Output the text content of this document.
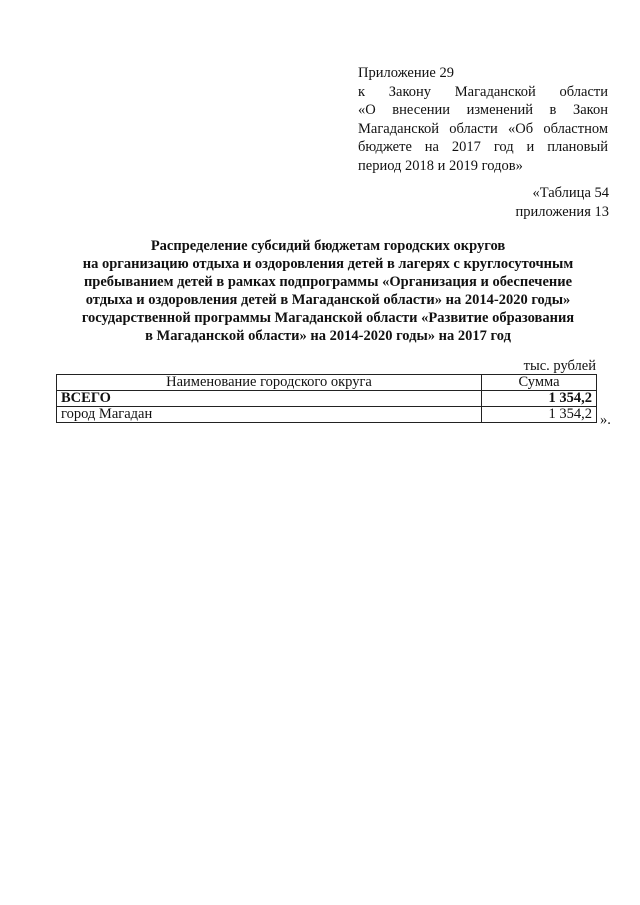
Приложение 29
к Закону Магаданской области
«О внесении изменений в Закон
Магаданской области «Об областном
бюджете на 2017 год и плановый
период 2018 и 2019 годов»
«Таблица 54
приложения 13
Распределение субсидий бюджетам городских округов
на организацию отдыха и оздоровления детей в лагерях с круглосуточным
пребыванием детей в рамках подпрограммы «Организация и обеспечение
отдыха и оздоровления детей в Магаданской области» на 2014-2020 годы»
государственной программы Магаданской области «Развитие образования
в Магаданской области» на 2014-2020 годы» на 2017 год
тыс. рублей
Наименование городского округа	Сумма
ВСЕГО	1 354,2
город Магадан	1 354,2 ».
